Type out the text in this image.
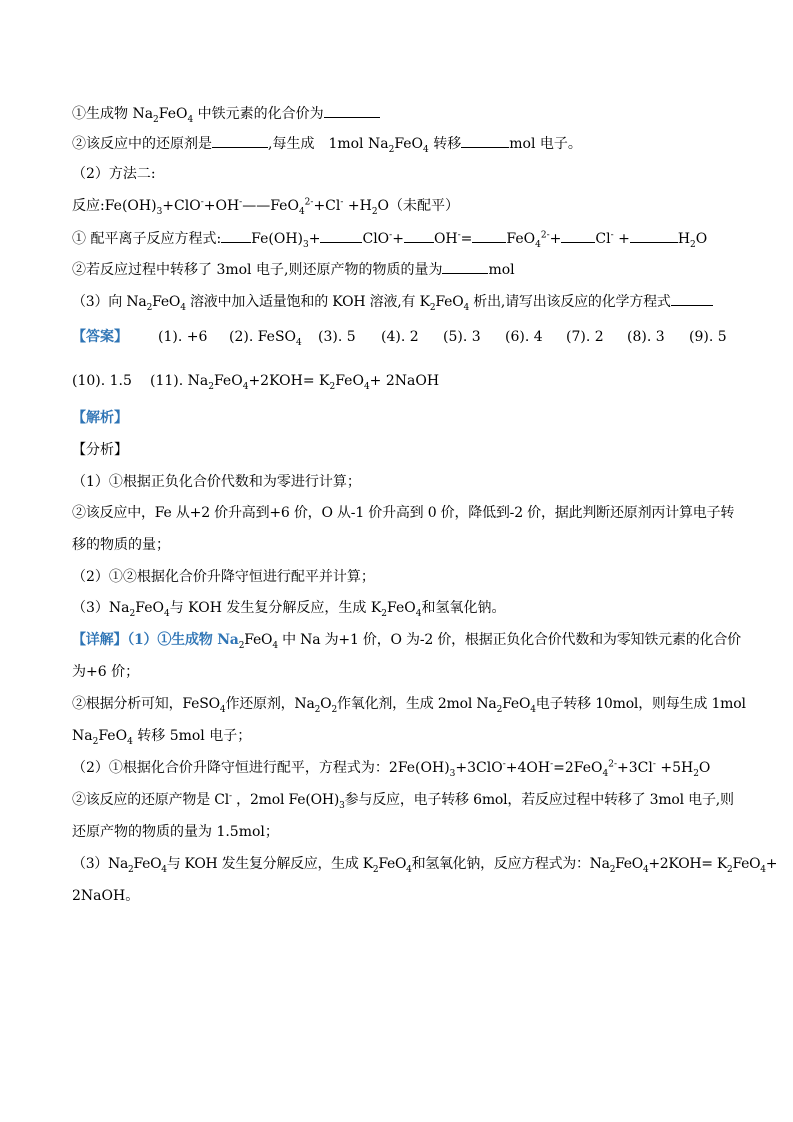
①生成物 $Na_2FeO_4$ 中铁元素的化合价为
②该反应中的还原剂是	,每生成　1mol $Na_2FeO_4$ 转移	mol 电子。
（2）方法二:
反应$:Fe(OH)_3+ClO^-+OH^-——FeO_4^{2-}+Cl^- +H_2O$（未配平）
① 配平离子反应方程式: $Fe(OH)_3+$	ClO-+ OH-= FeO$_4^{2-}$+ Cl- +	$H_2O$
②若反应过程中转移了 3mol 电子,则还原产物的物质的量为	mol
（3）向 $Na_2FeO_4$ 溶液中加入适量饱和的 KOH 溶液,有 $K_2FeO_4$ 析出,请写出该反应的化学方程式
【答案】 (1). +6 (2). FeSO$_4$ (3). 5 (4). 2 (5). 3 (6). 4 (7). 2 (8). 3 (9). 5
(10). 1.5 (11). $Na_2FeO_4+2KOH= K_2FeO_4+$ 2NaOH
【解析】
【分析】
（1）①根据正负化合价代数和为零进行计算；
②该反应中，Fe 从+2 价升高到+6 价，O 从-1 价升高到 0 价，降低到-2 价，据此判断还原剂丙计算电子转
移的物质的量；
（2）①②根据化合价升降守恒进行配平并计算；
$(3)Na_2FeO_4$与 KOH 发生复分解反应，生成 $K_2FeO_4$和氢氧化钠。
【详解】（1）①生成物 $Na_2FeO_4$ 中 Na 为+1 价，O 为-2 价，根据正负化合价代数和为零知铁元素的化合价
为+6 价；
②根据分析可知，FeSO$_4$作还原剂，$Na_2O_2$作氧化剂，生成 2mol $Na_2FeO_4$电子转移 10mol，则每生成 1mol
$Na_2FeO_4$ 转移 5mol 电子；
（2）①根据化合价升降守恒进行配平，方程式为：$2Fe(OH)_3+3ClO^-+4OH^-=2FeO_4^{2-}+3Cl^- +5H_2O$
②该反应的还原产物是 Cl- ，2mol $Fe(OH)_3$参与反应，电子转移 6mol，若反应过程中转移了 3mol 电子,则
还原产物的物质的量为 1.5mol；
$(3)Na_2FeO_4$与 KOH 发生复分解反应，生成 $K_2FeO_4$和氢氧化钠，反应方程式为：$Na_2FeO_4+2KOH= K_2FeO_4+$
2NaOH。
